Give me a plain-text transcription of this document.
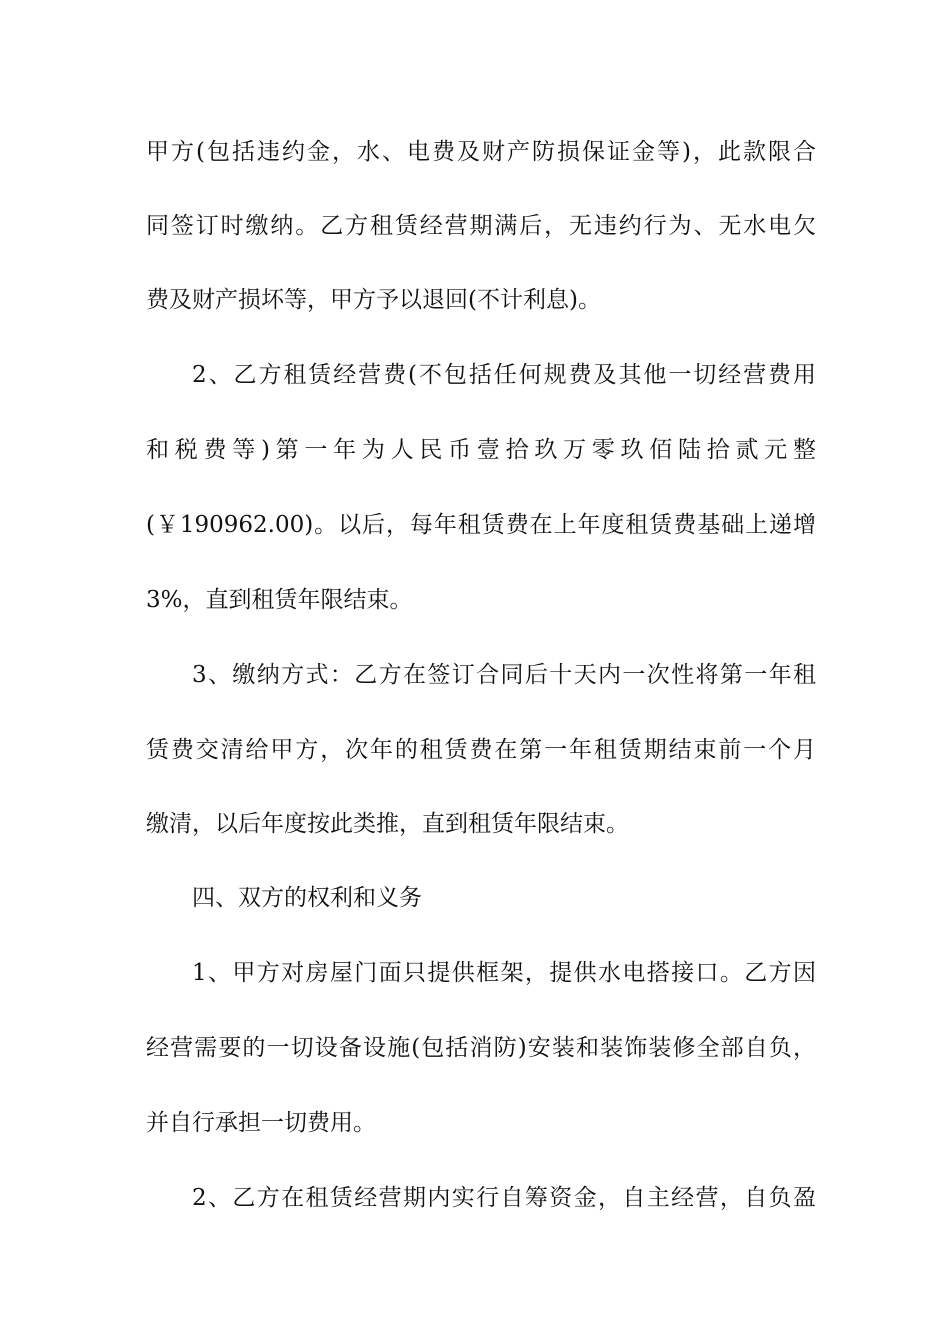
甲方(包括违约金，水、电费及财产防损保证金等)，此款限合
同签订时缴纳。乙方租赁经营期满后，无违约行为、无水电欠
费及财产损坏等，甲方予以退回(不计利息)。
2、乙方租赁经营费(不包括任何规费及其他一切经营费用
和税费等)第一年为人民币壹拾玖万零玖佰陆拾贰元整
(￥190962.00)。以后，每年租赁费在上年度租赁费基础上递增
3%，直到租赁年限结束。
3、缴纳方式：乙方在签订合同后十天内一次性将第一年租
赁费交清给甲方，次年的租赁费在第一年租赁期结束前一个月
缴清，以后年度按此类推，直到租赁年限结束。
四、双方的权利和义务
1、甲方对房屋门面只提供框架，提供水电搭接口。乙方因
经营需要的一切设备设施(包括消防)安装和装饰装修全部自负，
并自行承担一切费用。
2、乙方在租赁经营期内实行自筹资金，自主经营，自负盈
